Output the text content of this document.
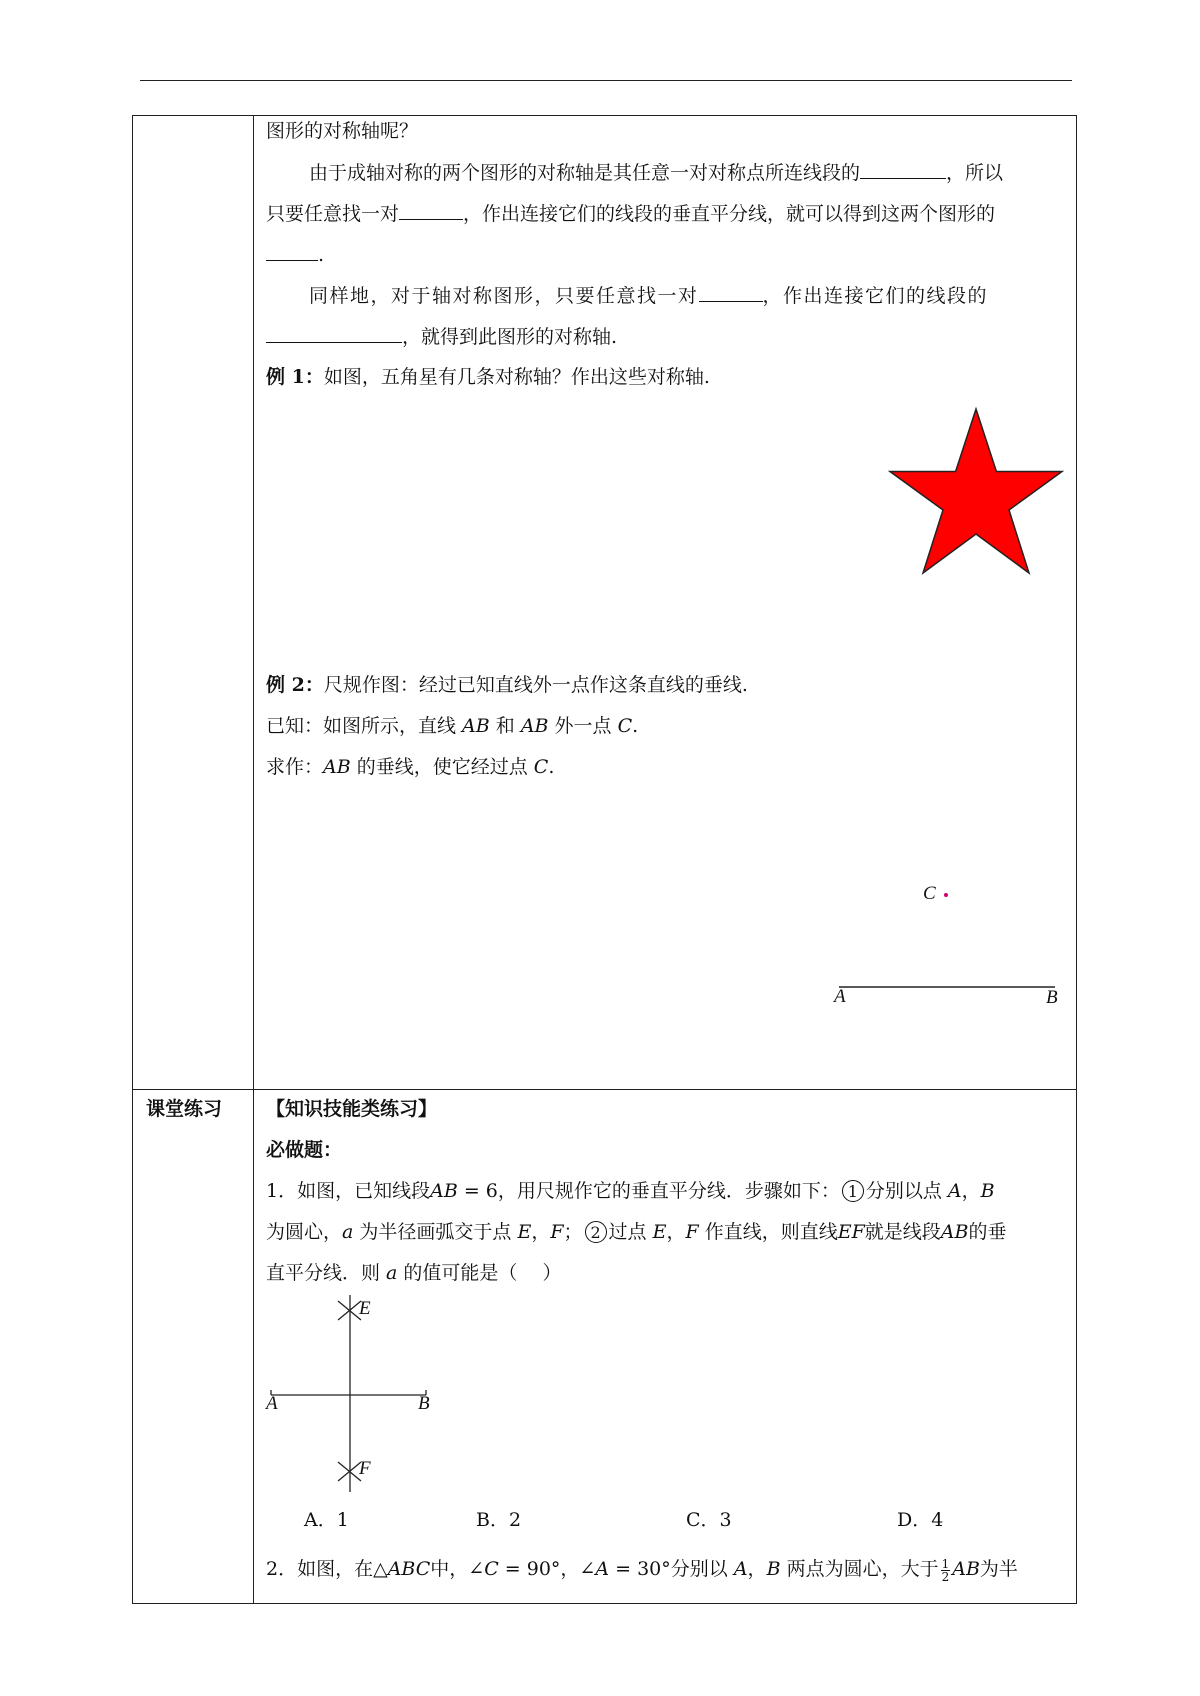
图形的对称轴呢？
由于成轴对称的两个图形的对称轴是其任意一对对称点所连线段的	，所以
只要任意找一对	，作出连接它们的线段的垂直平分线，就可以得到这两个图形的
.
同样地，对于轴对称图形，只要任意找一对	，作出连接它们的线段的
，就得到此图形的对称轴.
例 1：如图，五角星有几条对称轴？作出这些对称轴.
例 2：尺规作图：经过已知直线外一点作这条直线的垂线.
已知：如图所示，直线 AB 和 AB 外一点 C.
求作：AB 的垂线，使它经过点 C.
C
A	B
课堂练习 【知识技能类练习】
必做题：
1．如图，已知线段AB = 6，用尺规作它的垂直平分线．步骤如下： 1 分别以点 A，B
为圆心，a 为半径画弧交于点 E，F； 2 过点 E，F 作直线，则直线EF就是线段AB的垂
直平分线．则 a 的值可能是（　 ）
E
F
A	B
A．1	B．2	C．3	D．4
2．如图，在△ABC中，∠C = 90°，∠A = 30°分别以 A，B 两点为圆心，大于 $\frac{1}{2}$ AB为半
